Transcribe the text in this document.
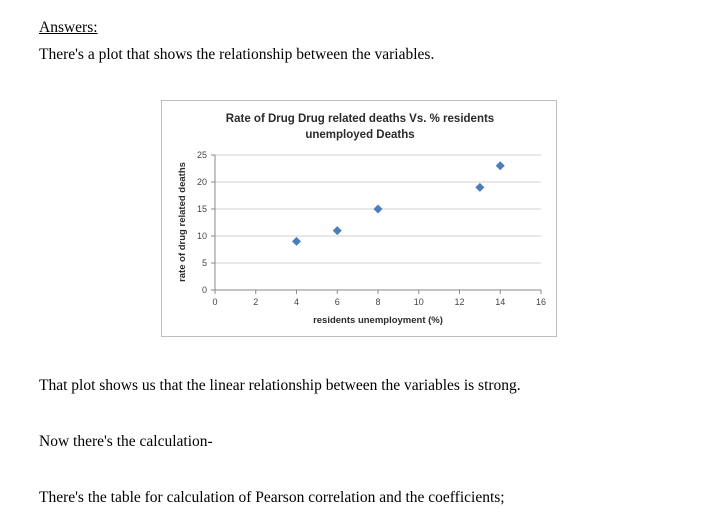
Answers:

There's a plot that shows the relationship between the variables.

Rate of Drug Drug related deaths Vs. % residents
unemployed Deaths
0
5
10
15
20
25
0	2	4	6	8	10	12	14	16
residents unemployment (%)
rate of drug related deaths

That plot shows us that the linear relationship between the variables is strong.

Now there's the calculation-

There's the table for calculation of Pearson correlation and the coefficients;
